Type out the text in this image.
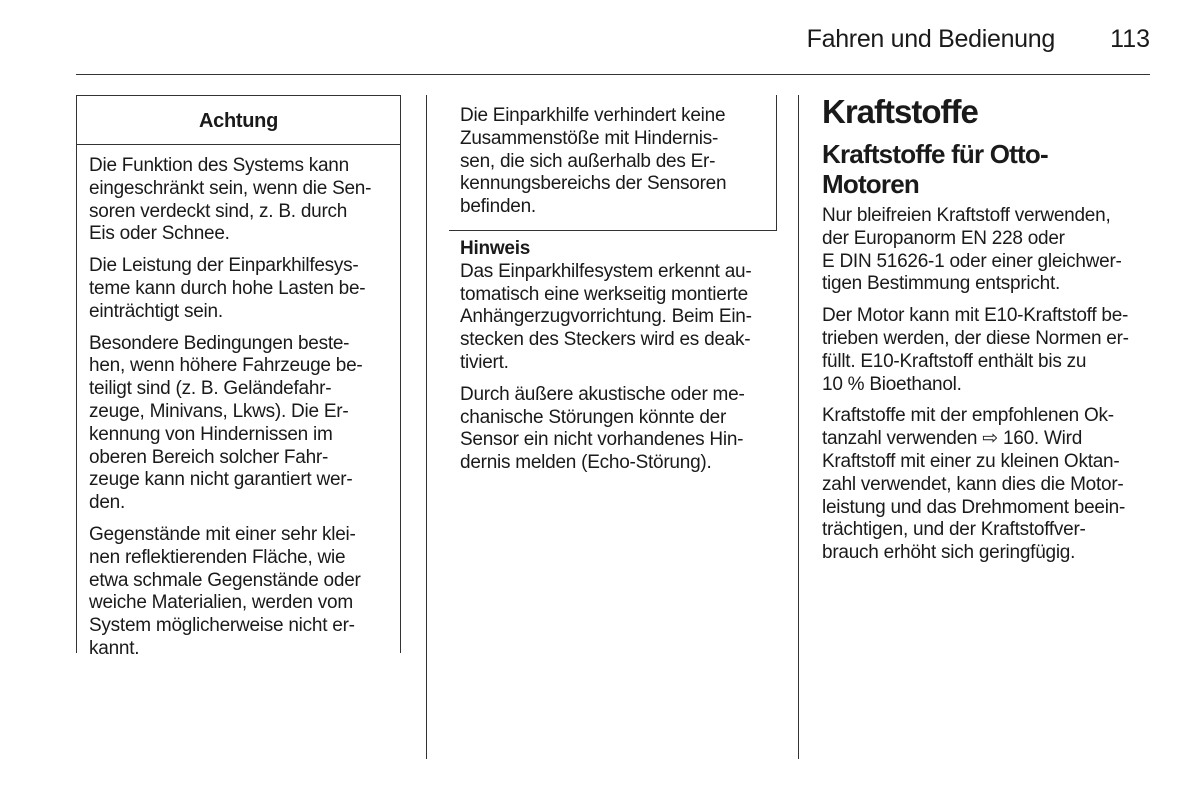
Fahren und Bedienung 113
Achtung

Die Funktion des Systems kann
eingeschränkt sein, wenn die Sen-
soren verdeckt sind, z. B. durch
Eis oder Schnee.

Die Leistung der Einparkhilfesys-
teme kann durch hohe Lasten be-
einträchtigt sein.

Besondere Bedingungen beste-
hen, wenn höhere Fahrzeuge be-
teiligt sind (z. B. Geländefahr-
zeuge, Minivans, Lkws). Die Er-
kennung von Hindernissen im
oberen Bereich solcher Fahr-
zeuge kann nicht garantiert wer-
den.

Gegenstände mit einer sehr klei-
nen reflektierenden Fläche, wie
etwa schmale Gegenstände oder
weiche Materialien, werden vom
System möglicherweise nicht er-
kannt.

Die Einparkhilfe verhindert keine
Zusammenstöße mit Hindernis-
sen, die sich außerhalb des Er-
kennungsbereichs der Sensoren
befinden.

Hinweis

Das Einparkhilfesystem erkennt au-
tomatisch eine werkseitig montierte
Anhängerzugvorrichtung. Beim Ein-
stecken des Steckers wird es deak-
tiviert.

Durch äußere akustische oder me-
chanische Störungen könnte der
Sensor ein nicht vorhandenes Hin-
dernis melden (Echo-Störung).

Kraftstoffe
Kraftstoffe für Otto-
Motoren

Nur bleifreien Kraftstoff verwenden,
der Europanorm EN 228 oder
E DIN 51626-1 oder einer gleichwer-
tigen Bestimmung entspricht.

Der Motor kann mit E10-Kraftstoff be-
trieben werden, der diese Normen er-
füllt. E10-Kraftstoff enthält bis zu
10 % Bioethanol.

Kraftstoffe mit der empfohlenen Ok-
tanzahl verwenden ⇨ 160. Wird
Kraftstoff mit einer zu kleinen Oktan-
zahl verwendet, kann dies die Motor-
leistung und das Drehmoment beein-
trächtigen, und der Kraftstoffver-
brauch erhöht sich geringfügig.
